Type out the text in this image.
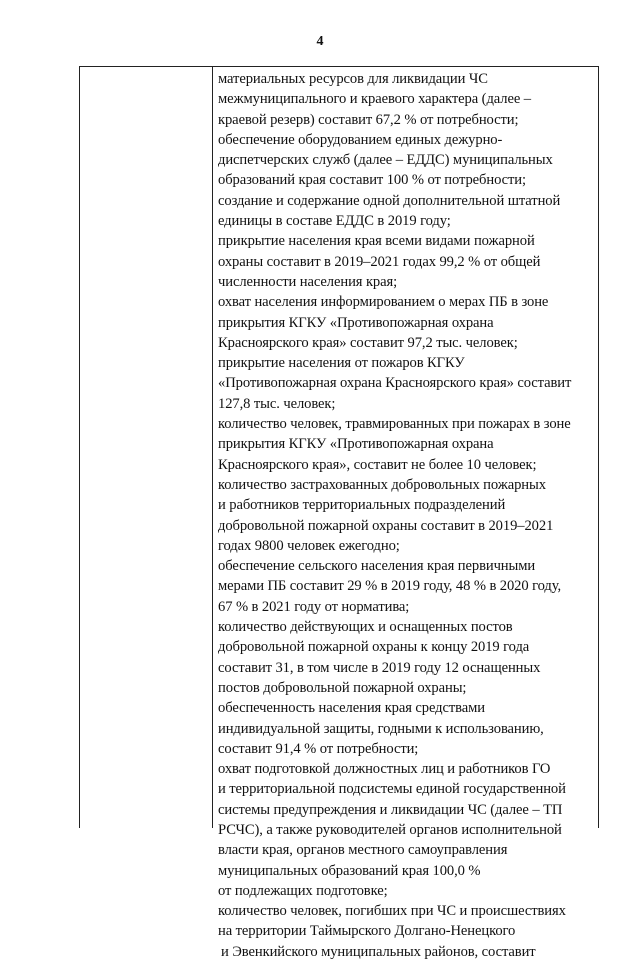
4
материальных ресурсов для ликвидации ЧС
межмуниципального и краевого характера (далее –
краевой резерв) составит 67,2 % от потребности;
обеспечение оборудованием единых дежурно-
диспетчерских служб (далее – ЕДДС) муниципальных
образований края составит 100 % от потребности;
создание и содержание одной дополнительной штатной
единицы в составе ЕДДС в 2019 году;
прикрытие населения края всеми видами пожарной
охраны составит в 2019–2021 годах 99,2 % от общей
численности населения края;
охват населения информированием о мерах ПБ в зоне
прикрытия КГКУ «Противопожарная охрана
Красноярского края» составит 97,2 тыс. человек;
прикрытие населения от пожаров КГКУ
«Противопожарная охрана Красноярского края» составит
127,8 тыс. человек;
количество человек, травмированных при пожарах в зоне
прикрытия КГКУ «Противопожарная охрана
Красноярского края», составит не более 10 человек;
количество застрахованных добровольных пожарных
и работников территориальных подразделений
добровольной пожарной охраны составит в 2019–2021
годах 9800 человек ежегодно;
обеспечение сельского населения края первичными
мерами ПБ составит 29 % в 2019 году, 48 % в 2020 году,
67 % в 2021 году от норматива;
количество действующих и оснащенных постов
добровольной пожарной охраны к концу 2019 года
составит 31, в том числе в 2019 году 12 оснащенных
постов добровольной пожарной охраны;
обеспеченность населения края средствами
индивидуальной защиты, годными к использованию,
составит 91,4 % от потребности;
охват подготовкой должностных лиц и работников ГО
и территориальной подсистемы единой государственной
системы предупреждения и ликвидации ЧС (далее – ТП
РСЧС), а также руководителей органов исполнительной
власти края, органов местного самоуправления
муниципальных образований края 100,0 %
от подлежащих подготовке;
количество человек, погибших при ЧС и происшествиях
на территории Таймырского Долгано-Ненецкого
и Эвенкийского муниципальных районов, составит
